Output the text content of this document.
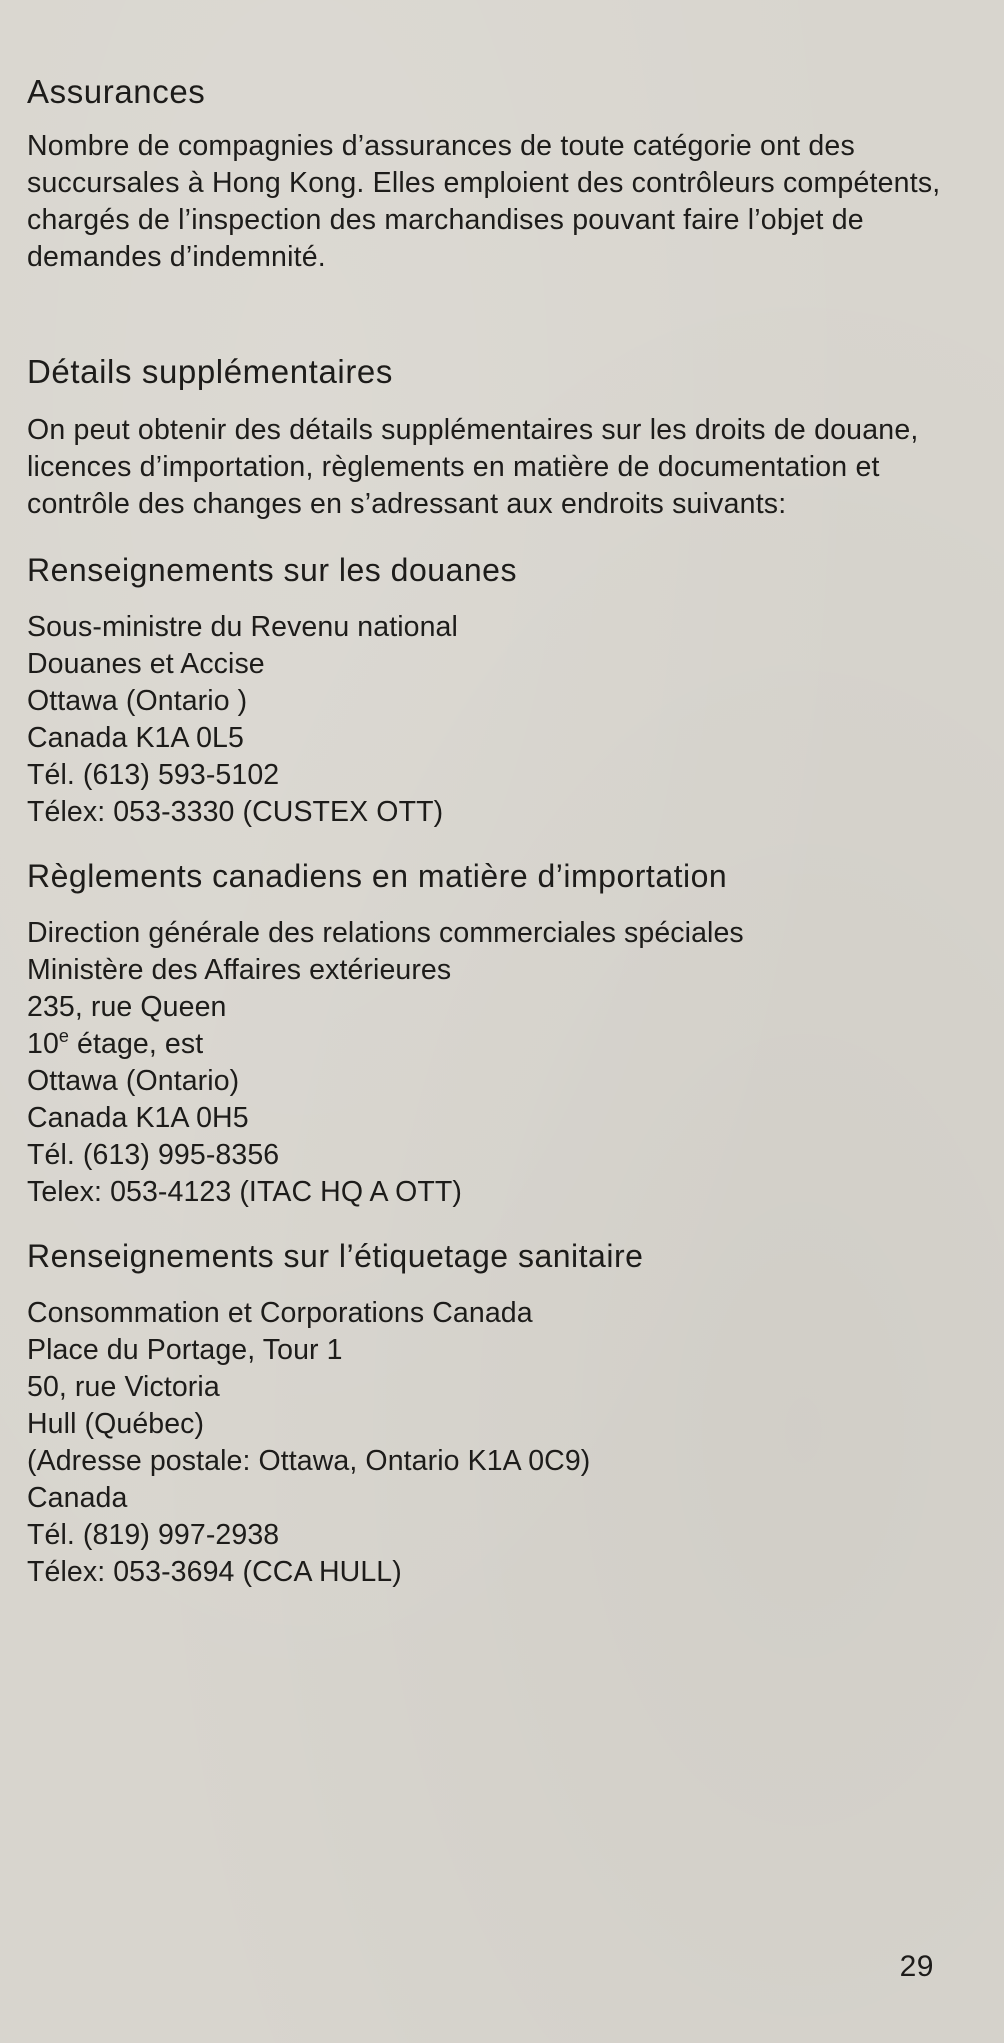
Assurances

Nombre de compagnies d’assurances de toute catégorie ont des succursales à Hong Kong. Elles emploient des contrôleurs compétents, chargés de l’inspection des marchandises pouvant faire l’objet de demandes d’indemnité.

Détails supplémentaires

On peut obtenir des détails supplémentaires sur les droits de douane, licences d’importation, règlements en matière de documentation et contrôle des changes en s’adressant aux endroits suivants:

Renseignements sur les douanes
Sous-ministre du Revenu national
Douanes et Accise
Ottawa (Ontario )
Canada K1A 0L5
Tél. (613) 593-5102
Télex: 053-3330 (CUSTEX OTT)
Règlements canadiens en matière d’importation
Direction générale des relations commerciales spéciales
Ministère des Affaires extérieures
235, rue Queen
10e étage, est
Ottawa (Ontario)
Canada K1A 0H5
Tél. (613) 995-8356
Telex: 053-4123 (ITAC HQ A OTT)
Renseignements sur l’étiquetage sanitaire
Consommation et Corporations Canada
Place du Portage, Tour 1
50, rue Victoria
Hull (Québec)
(Adresse postale: Ottawa, Ontario K1A 0C9)
Canada
Tél. (819) 997-2938
Télex: 053-3694 (CCA HULL)
29
